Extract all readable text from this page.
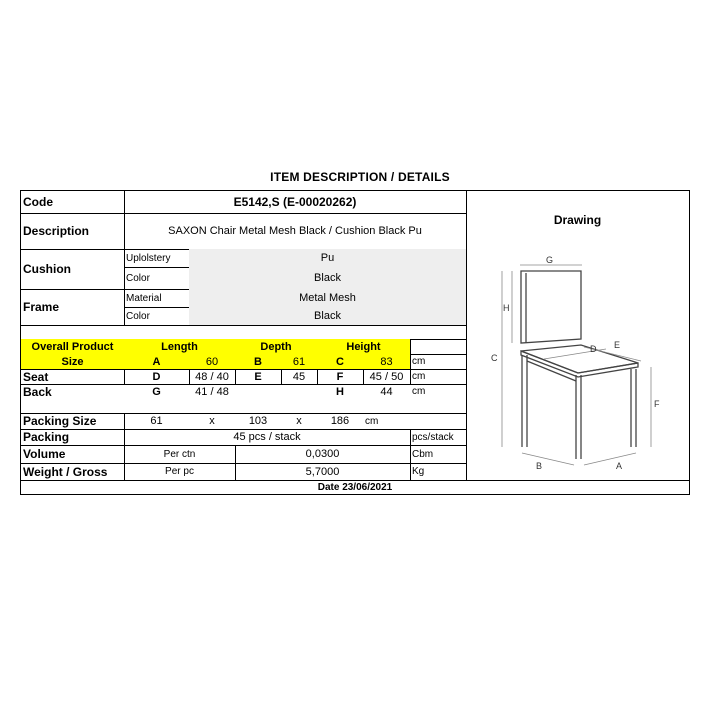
ITEM DESCRIPTION / DETAILS
Code	E5142,S (E-00020262)
Description	SAXON Chair Metal Mesh Black / Cushion Black Pu
Cushion
Uplolstery	Pu
Color	Black
Frame
Material	Metal Mesh
Color	Black
Overall Product
Size
Length	Depth	Height
A	60	B	61	C	83	cm
Seat	D	48 / 40	E	45	F	45 / 50 cm
Back	G	41 / 48	H	44	cm
Packing Size	61	x	103	x	186	cm
Packing	45 pcs / stack	pcs/stack
Volume	Per ctn	0,0300	Cbm
Weight / Gross	Per pc	5,7000	Kg
Date 23/06/2021
Drawing
G
H
C
D E
F
B	A
